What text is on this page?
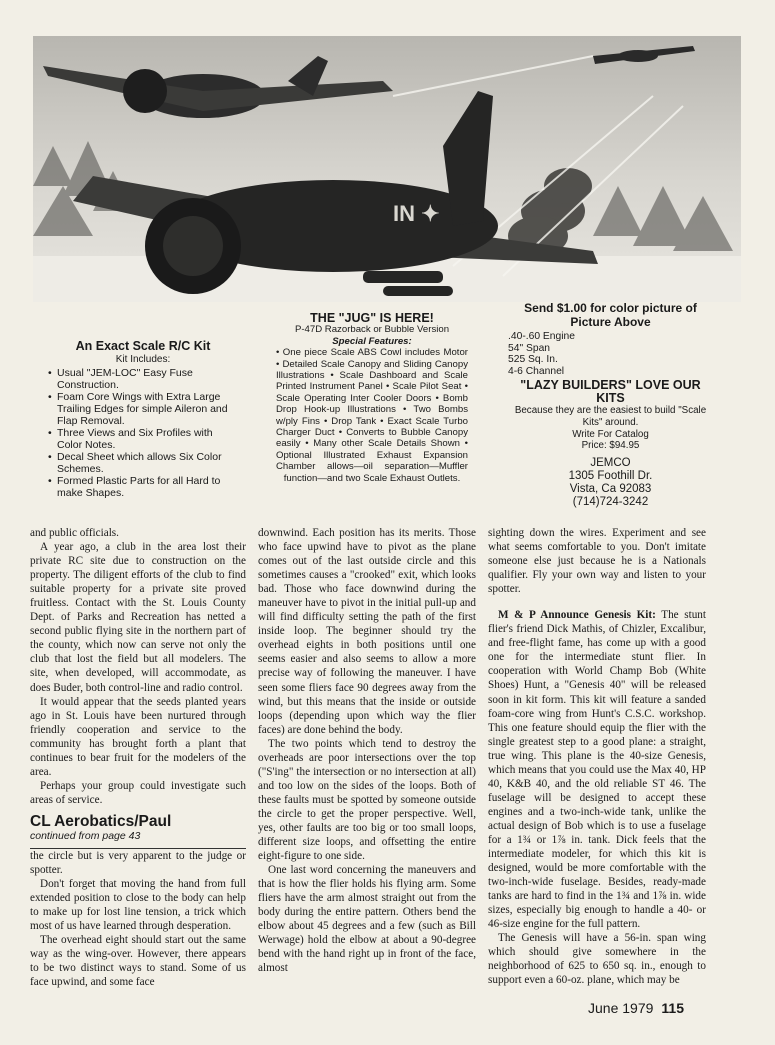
IN ✦
An Exact Scale R/C Kit
Kit Includes:
• Usual "JEM-LOC" Easy Fuse Construction.
• Foam Core Wings with Extra Large Trailing Edges for simple Aileron and Flap Removal.
• Three Views and Six Profiles with Color Notes.
• Decal Sheet which allows Six Color Schemes.
• Formed Plastic Parts for all Hard to make Shapes.
THE "JUG" IS HERE!
P-47D Razorback or Bubble Version
Special Features:
• One piece Scale ABS Cowl includes Motor • Detailed Scale Canopy and Sliding Canopy Illustrations • Scale Dashboard and Scale Printed Instrument Panel • Scale Pilot Seat • Scale Operating Inter Cooler Doors • Bomb Drop Hook-up Illustrations • Two Bombs w/ply Fins • Drop Tank • Exact Scale Turbo Charger Duct • Converts to Bubble Canopy easily • Many other Scale Details Shown • Optional Illustrated Exhaust Expansion Chamber allows—oil separation—Muffler function—and two Scale Exhaust Outlets.
Send $1.00 for color picture of Picture Above
.40-.60 Engine
54" Span
525 Sq. In.
4-6 Channel
"LAZY BUILDERS" LOVE OUR KITS
Because they are the easiest to build "Scale Kits" around.
Write For Catalog
Price: $94.95
JEMCO
1305 Foothill Dr.
Vista, Ca 92083
(714)724-3242

and public officials.

A year ago, a club in the area lost their private RC site due to construction on the property. The diligent efforts of the club to find suitable property for a private site proved fruitless. Contact with the St. Louis County Dept. of Parks and Recreation has netted a second public flying site in the northern part of the county, which now can serve not only the club that lost the field but all modelers. The site, when developed, will accommodate, as does Buder, both control-line and radio control.

It would appear that the seeds planted years ago in St. Louis have been nurtured through friendly cooperation and service to the community has brought forth a plant that continues to bear fruit for the modelers of the area.

Perhaps your group could investigate such areas of service.

CL Aerobatics/Paul
continued from page 43

the circle but is very apparent to the judge or spotter.

Don't forget that moving the hand from full extended position to close to the body can help to make up for lost line tension, a trick which most of us have learned through desperation.

The overhead eight should start out the same way as the wing-over. However, there appears to be two distinct ways to stand. Some of us face upwind, and some face

downwind. Each position has its merits. Those who face upwind have to pivot as the plane comes out of the last outside circle and this sometimes causes a "crooked" exit, which looks bad. Those who face downwind during the maneuver have to pivot in the initial pull-up and will find difficulty setting the path of the first inside loop. The beginner should try the overhead eights in both positions until one seems easier and also seems to allow a more precise way of following the maneuver. I have seen some fliers face 90 degrees away from the wind, but this means that the inside or outside loops (depending upon which way the flier faces) are done behind the body.

The two points which tend to destroy the overheads are poor intersections over the top ("S'ing" the intersection or no intersection at all) and too low on the sides of the loops. Both of these faults must be spotted by someone outside the circle to get the proper perspective. Well, yes, other faults are too big or too small loops, different size loops, and offsetting the entire eight-figure to one side.

One last word concerning the maneuvers and that is how the flier holds his flying arm. Some fliers have the arm almost straight out from the body during the entire pattern. Others bend the elbow about 45 degrees and a few (such as Bill Werwage) hold the elbow at about a 90-degree bend with the hand right up in front of the face, almost

sighting down the wires. Experiment and see what seems comfortable to you. Don't imitate someone else just because he is a Nationals qualifier. Fly your own way and listen to your spotter.

M & P Announce Genesis Kit: The stunt flier's friend Dick Mathis, of Chizler, Excalibur, and free-flight fame, has come up with a good one for the intermediate stunt flier. In cooperation with World Champ Bob (White Shoes) Hunt, a "Genesis 40" will be released soon in kit form. This kit will feature a sanded foam-core wing from Hunt's C.S.C. workshop. This one feature should equip the flier with the single greatest step to a good plane: a straight, true wing. This plane is the 40-size Genesis, which means that you could use the Max 40, HP 40, K&B 40, and the old reliable ST 46. The fuselage will be designed to accept these engines and a two-inch-wide tank, unlike the actual design of Bob which is to use a fuselage for a 1¾ or 1⅞ in. tank. Dick feels that the intermediate modeler, for which this kit is designed, would be more comfortable with the two-inch-wide fuselage. Besides, ready-made tanks are hard to find in the 1¾ and 1⅞ in. wide sizes, especially big enough to handle a 40- or 46-size engine for the full pattern.

The Genesis will have a 56-in. span wing which should give somewhere in the neighborhood of 625 to 650 sq. in., enough to support even a 60-oz. plane, which may be

June 1979 115
